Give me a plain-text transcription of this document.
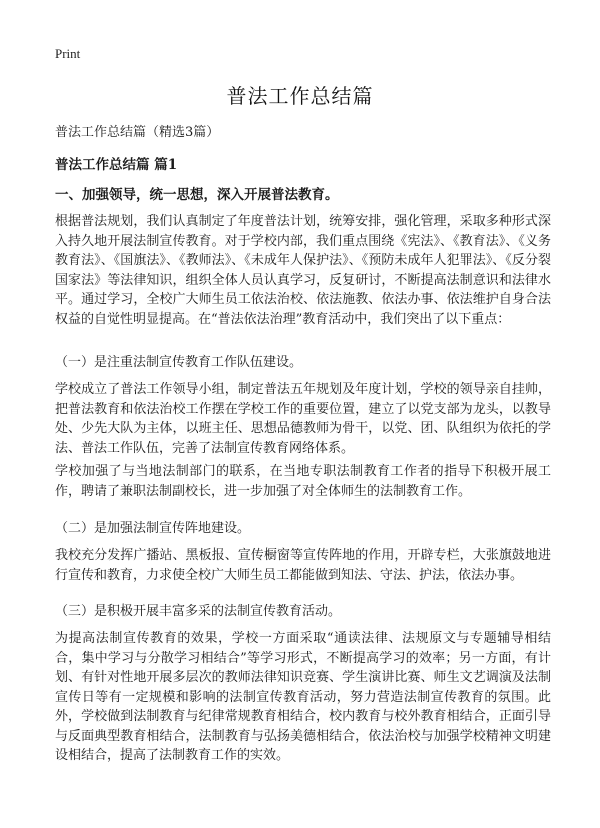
Print
普法工作总结篇
普法工作总结篇（精选3篇）
普法工作总结篇 篇1
一、加强领导，统一思想，深入开展普法教育。
根据普法规划，我们认真制定了年度普法计划，统筹安排，强化管理，采取多种形式深入持久地开展法制宣传教育。对于学校内部，我们重点围绕《宪法》、《教育法》、《义务教育法》、《国旗法》、《教师法》、《未成年人保护法》、《预防未成年人犯罪法》、《反分裂国家法》等法律知识，组织全体人员认真学习，反复研讨，不断提高法制意识和法律水平。通过学习，全校广大师生员工依法治校、依法施教、依法办事、依法维护自身合法权益的自觉性明显提高。在“普法依法治理”教育活动中，我们突出了以下重点：
（一）是注重法制宣传教育工作队伍建设。
学校成立了普法工作领导小组，制定普法五年规划及年度计划，学校的领导亲自挂帅，把普法教育和依法治校工作摆在学校工作的重要位置，建立了以党支部为龙头，以教导处、少先大队为主体，以班主任、思想品德教师为骨干，以党、团、队组织为依托的学法、普法工作队伍，完善了法制宣传教育网络体系。
学校加强了与当地法制部门的联系，在当地专职法制教育工作者的指导下积极开展工作，聘请了兼职法制副校长，进一步加强了对全体师生的法制教育工作。
（二）是加强法制宣传阵地建设。
我校充分发挥广播站、黑板报、宣传橱窗等宣传阵地的作用，开辟专栏，大张旗鼓地进行宣传和教育，力求使全校广大师生员工都能做到知法、守法、护法，依法办事。
（三）是积极开展丰富多采的法制宣传教育活动。
为提高法制宣传教育的效果，学校一方面采取“通读法律、法规原文与专题辅导相结合，集中学习与分散学习相结合”等学习形式，不断提高学习的效率；另一方面，有计划、有针对性地开展多层次的教师法律知识竞赛、学生演讲比赛、师生文艺调演及法制宣传日等有一定规模和影响的法制宣传教育活动，努力营造法制宣传教育的氛围。此外，学校做到法制教育与纪律常规教育相结合，校内教育与校外教育相结合，正面引导与反面典型教育相结合，法制教育与弘扬美德相结合，依法治校与加强学校精神文明建设相结合，提高了法制教育工作的实效。
